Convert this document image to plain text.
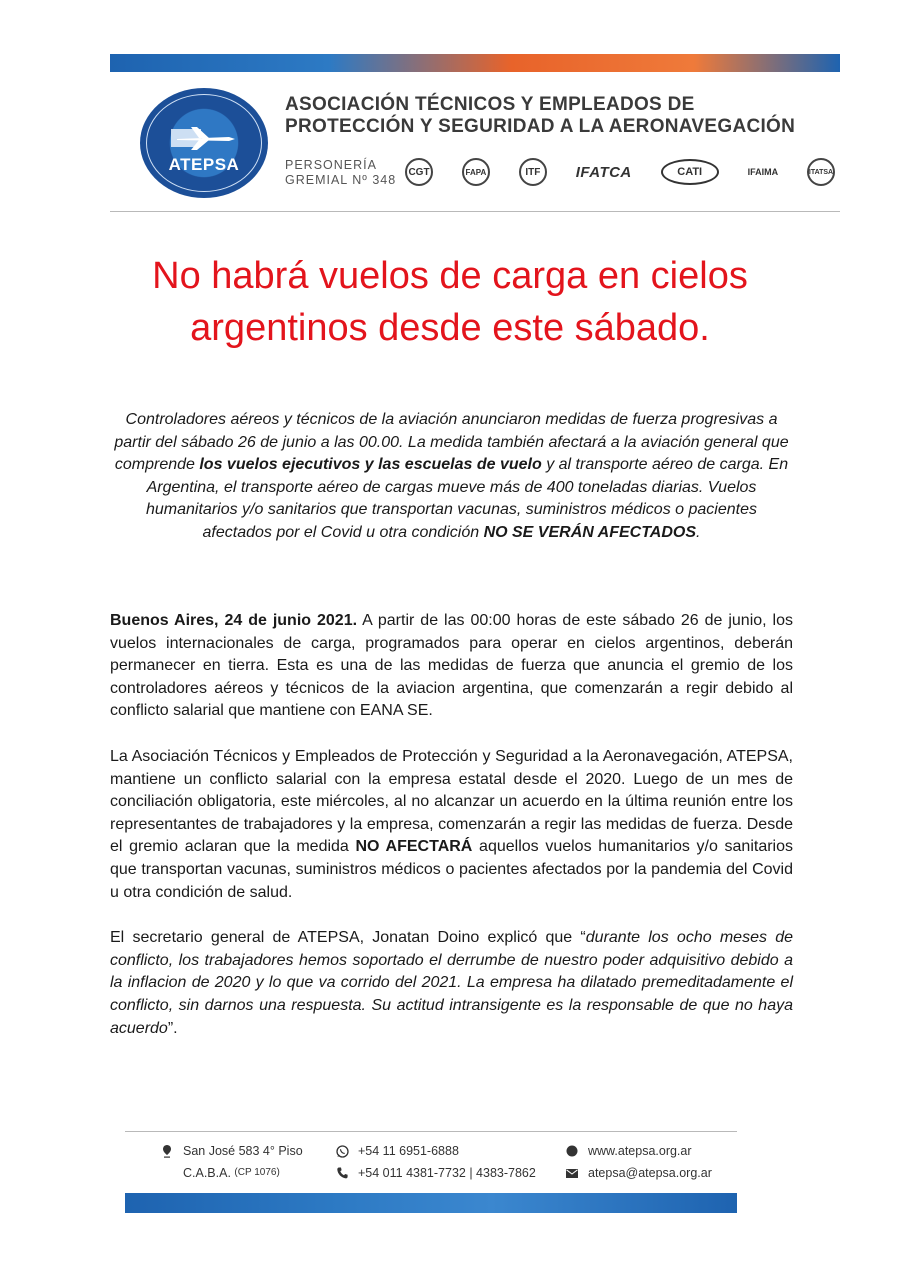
ATEPSA
ASOCIACIÓN TÉCNICOS Y EMPLEADOS DE
PROTECCIÓN Y SEGURIDAD A LA AERONAVEGACIÓN
PERSONERÍA
GREMIAL Nº 348
CGT	FAPA	ITF	IFATCA	CATI	IFAIMA	ITATSA
No habrá vuelos de carga en cielos
argentinos desde este sábado.
Controladores aéreos y técnicos de la aviación anunciaron medidas de fuerza progresivas a partir del sábado 26 de junio a las 00.00. La medida también afectará a la aviación general que comprende los vuelos ejecutivos y las escuelas de vuelo y al transporte aéreo de carga. En Argentina, el transporte aéreo de cargas mueve más de 400 toneladas diarias. Vuelos humanitarios y/o sanitarios que transportan vacunas, suministros médicos o pacientes afectados por el Covid u otra condición NO SE VERÁN AFECTADOS.

Buenos Aires, 24 de junio 2021. A partir de las 00:00 horas de este sábado 26 de junio, los vuelos internacionales de carga, programados para operar en cielos argentinos, deberán permanecer en tierra. Esta es una de las medidas de fuerza que anuncia el gremio de los controladores aéreos y técnicos de la aviacion argentina, que comenzarán a regir debido al conflicto salarial que mantiene con EANA SE.

La Asociación Técnicos y Empleados de Protección y Seguridad a la Aeronavegación, ATEPSA, mantiene un conflicto salarial con la empresa estatal desde el 2020. Luego de un mes de conciliación obligatoria, este miércoles, al no alcanzar un acuerdo en la última reunión entre los representantes de trabajadores y la empresa, comenzarán a regir las medidas de fuerza. Desde el gremio aclaran que la medida NO AFECTARÁ aquellos vuelos humanitarios y/o sanitarios que transportan vacunas, suministros médicos o pacientes afectados por la pandemia del Covid u otra condición de salud.

El secretario general de ATEPSA, Jonatan Doino explicó que “durante los ocho meses de conflicto, los trabajadores hemos soportado el derrumbe de nuestro poder adquisitivo debido a la inflacion de 2020 y lo que va corrido del 2021. La empresa ha dilatado premeditadamente el conflicto, sin darnos una respuesta. Su actitud intransigente es la responsable de que no haya acuerdo”.

San José 583 4° Piso
C.A.B.A.
(CP 1076)
+54 11 6951-6888
+54 011 4381-7732 | 4383-7862
www.atepsa.org.ar
atepsa@atepsa.org.ar
